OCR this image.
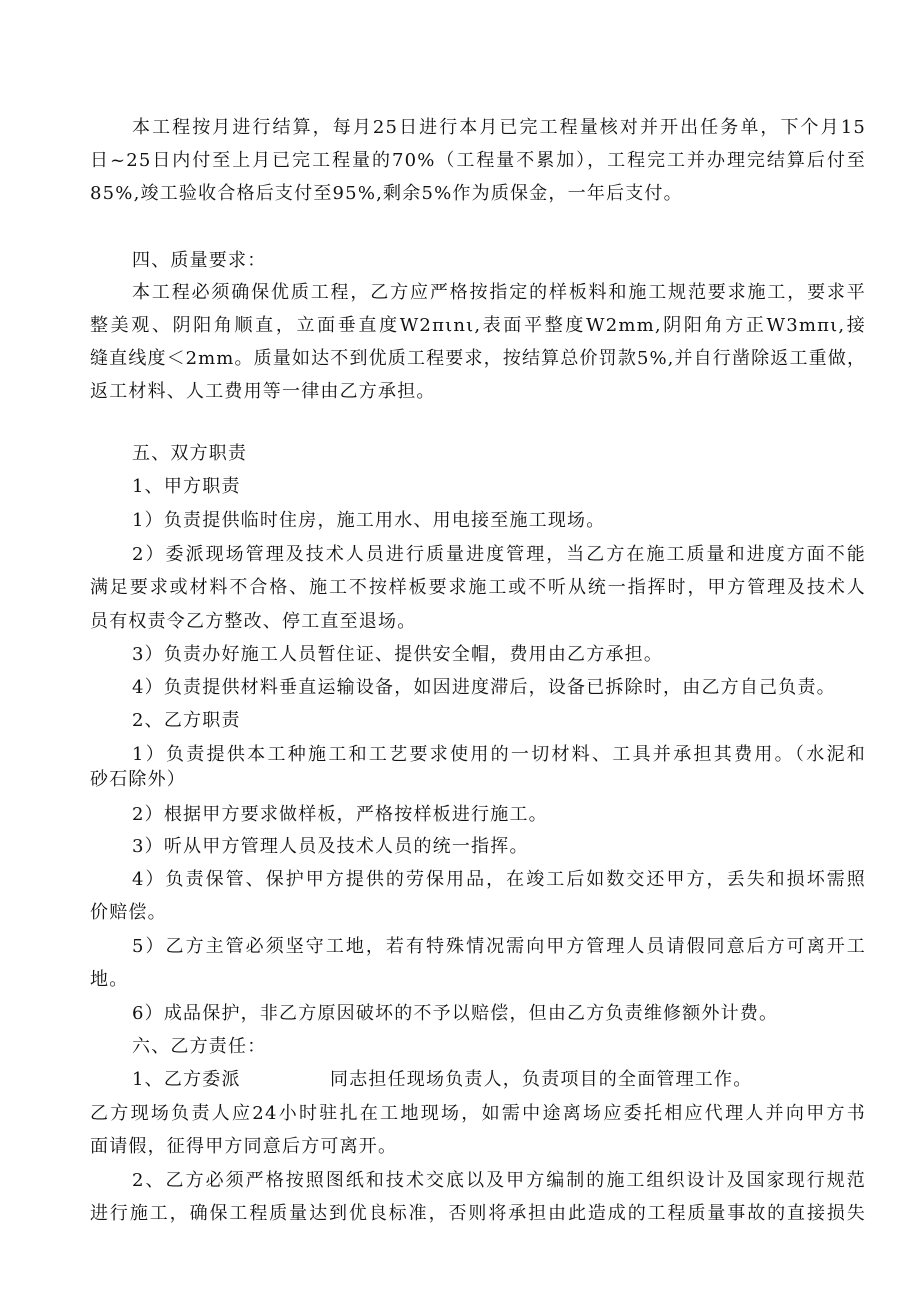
本工程按月进行结算，每月25日进行本月已完工程量核对并开出任务单，下个月15
日~25日内付至上月已完工程量的70%（工程量不累加），工程完工并办理完结算后付至
85%,竣工验收合格后支付至95%,剩余5%作为质保金，一年后支付。
四、质量要求：
本工程必须确保优质工程，乙方应严格按指定的样板料和施工规范要求施工，要求平
整美观、阴阳角顺直，立面垂直度W2πιnι,表面平整度W2mm,阴阳角方正W3mπι,接
缝直线度＜2mm。质量如达不到优质工程要求，按结算总价罚款5%,并自行凿除返工重做，
返工材料、人工费用等一律由乙方承担。
五、双方职责
1、甲方职责
1）负责提供临时住房，施工用水、用电接至施工现场。
2）委派现场管理及技术人员进行质量进度管理，当乙方在施工质量和进度方面不能
满足要求或材料不合格、施工不按样板要求施工或不听从统一指挥时，甲方管理及技术人
员有权责令乙方整改、停工直至退场。
3）负责办好施工人员暂住证、提供安全帽，费用由乙方承担。
4）负责提供材料垂直运输设备，如因进度滞后，设备已拆除时，由乙方自己负责。
2、乙方职责
1）负责提供本工种施工和工艺要求使用的一切材料、工具并承担其费用。（水泥和
砂石除外）
2）根据甲方要求做样板，严格按样板进行施工。
3）听从甲方管理人员及技术人员的统一指挥。
4）负责保管、保护甲方提供的劳保用品，在竣工后如数交还甲方，丢失和损坏需照
价赔偿。
5）乙方主管必须坚守工地，若有特殊情况需向甲方管理人员请假同意后方可离开工
地。
6）成品保护，非乙方原因破坏的不予以赔偿，但由乙方负责维修额外计费。
六、乙方责任：
1、乙方委派	同志担任现场负责人，负责项目的全面管理工作。
乙方现场负责人应24小时驻扎在工地现场，如需中途离场应委托相应代理人并向甲方书
面请假，征得甲方同意后方可离开。
2、乙方必须严格按照图纸和技术交底以及甲方编制的施工组织设计及国家现行规范
进行施工，确保工程质量达到优良标准，否则将承担由此造成的工程质量事故的直接损失
